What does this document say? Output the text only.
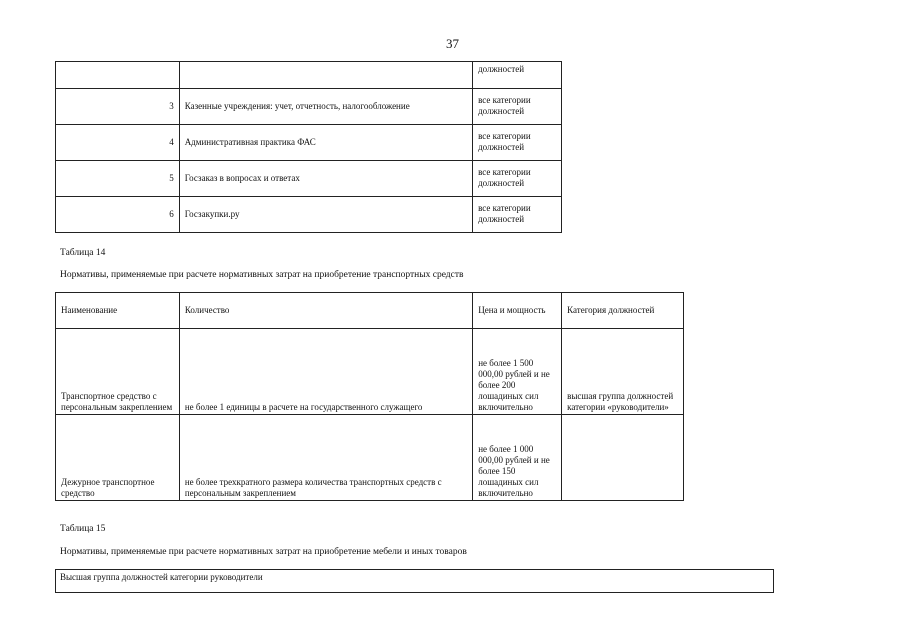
37
		должностей
3	Казенные учреждения: учет, отчетность, налогообложение	все категории должностей
4	Административная практика ФАС	все категории должностей
5	Госзаказ в вопросах и ответах	все категории должностей
6	Госзакупки.ру	все категории должностей
Таблица 14
Нормативы, применяемые при расчете нормативных затрат на приобретение транспортных средств
Наименование	Количество	Цена и мощность	Категория должностей
Транспортное средство с персональным закреплением	не более 1 единицы в расчете на государственного служащего	не более 1 500 000,00 рублей и не более 200 лошадиных сил включительно	высшая группа должностей категории «руководители»
Дежурное транспортное средство	не более трехкратного размера количества транспортных средств с персональным закреплением	не более 1 000 000,00 рублей и не более 150 лошадиных сил включительно	
Таблица 15
Нормативы, применяемые при расчете нормативных затрат на приобретение мебели и иных товаров
Высшая группа должностей категории руководители
